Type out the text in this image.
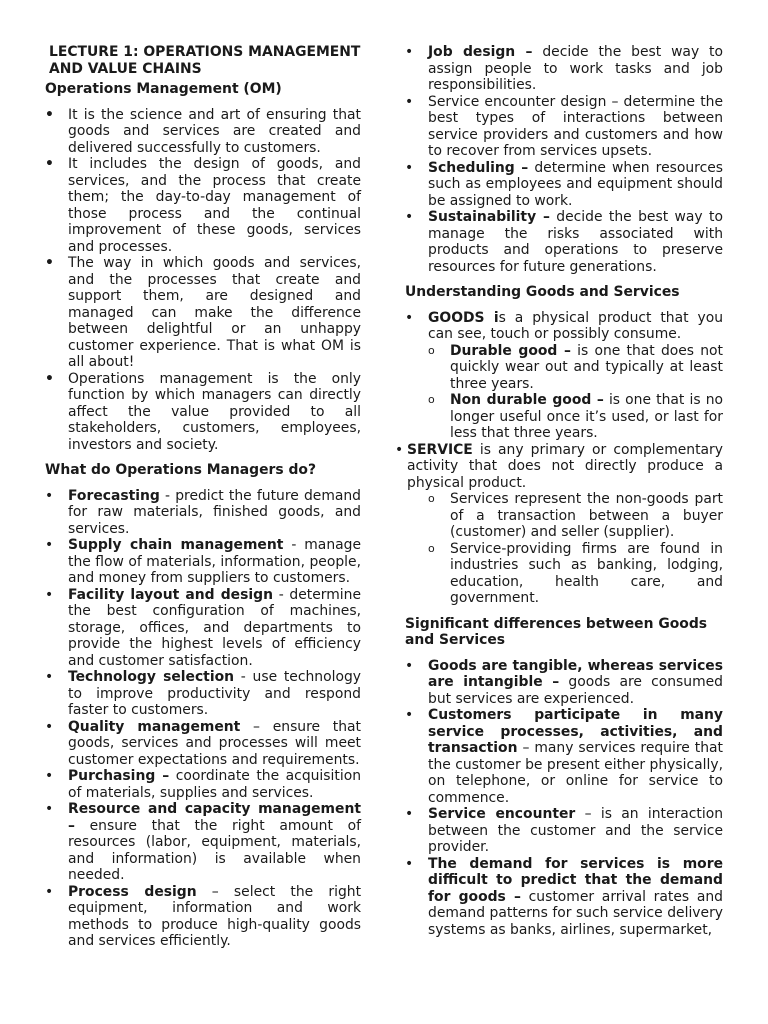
LECTURE 1: OPERATIONS MANAGEMENT AND VALUE CHAINS

Operations Management (OM)

• It is the science and art of ensuring that goods and services are created and delivered successfully to customers.
• It includes the design of goods, and services, and the process that create them; the day-to-day management of those process and the continual improvement of these goods, services and processes.
• The way in which goods and services, and the processes that create and support them, are designed and managed can make the difference between delightful or an unhappy customer experience. That is what OM is all about!
• Operations management is the only function by which managers can directly affect the value provided to all stakeholders, customers, employees, investors and society.

What do Operations Managers do?

• Forecasting - predict the future demand for raw materials, finished goods, and services.
• Supply chain management - manage the flow of materials, information, people, and money from suppliers to customers.
• Facility layout and design - determine the best configuration of machines, storage, offices, and departments to provide the highest levels of efficiency and customer satisfaction.
• Technology selection - use technology to improve productivity and respond faster to customers.
• Quality management – ensure that goods, services and processes will meet customer expectations and requirements.
• Purchasing – coordinate the acquisition of materials, supplies and services.
• Resource and capacity management – ensure that the right amount of resources (labor, equipment, materials, and information) is available when needed.
• Process design – select the right equipment, information and work methods to produce high-quality goods and services efficiently.
• Job design – decide the best way to assign people to work tasks and job responsibilities.
• Service encounter design – determine the best types of interactions between service providers and customers and how to recover from services upsets.
• Scheduling – determine when resources such as employees and equipment should be assigned to work.
• Sustainability – decide the best way to manage the risks associated with products and operations to preserve resources for future generations.

Understanding Goods and Services

• GOODS is a physical product that you can see, touch or possibly consume.
o Durable good – is one that does not quickly wear out and typically at least three years.
o Non durable good – is one that is no longer useful once it’s used, or last for less that three years.
• SERVICE is any primary or complementary activity that does not directly produce a physical product.
o Services represent the non-goods part of a transaction between a buyer (customer) and seller (supplier).
o Service-providing firms are found in industries such as banking, lodging, education, health care, and government.

Significant differences between Goods and Services

• Goods are tangible, whereas services are intangible – goods are consumed but services are experienced.
• Customers participate in many service processes, activities, and transaction – many services require that the customer be present either physically, on telephone, or online for service to commence.
• Service encounter – is an interaction between the customer and the service provider.
• The demand for services is more difficult to predict that the demand for goods – customer arrival rates and demand patterns for such service delivery systems as banks, airlines, supermarket,
